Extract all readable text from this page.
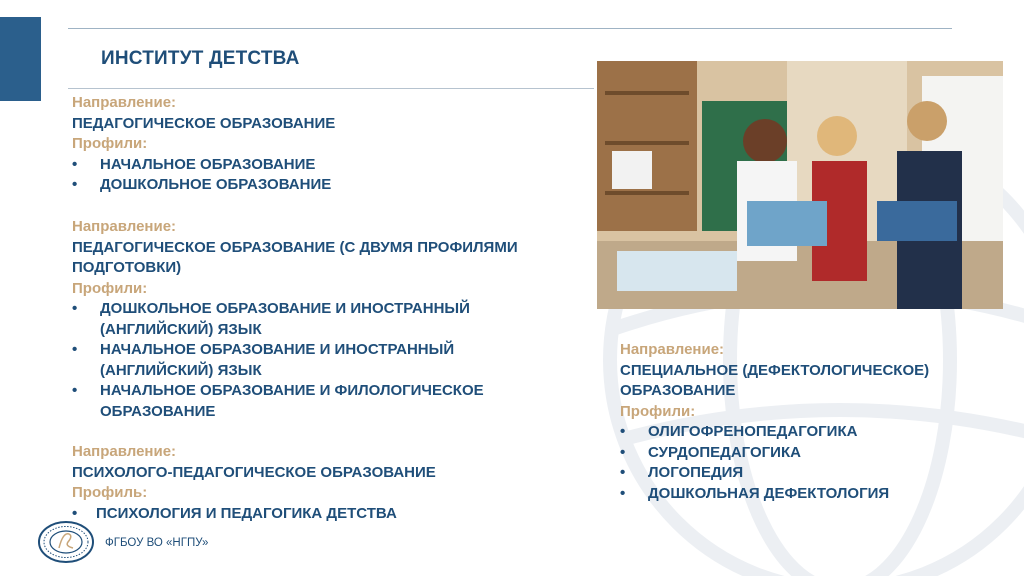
ИНСТИТУТ ДЕТСТВА
Направление:
ПЕДАГОГИЧЕСКОЕ ОБРАЗОВАНИЕ
Профили:
• НАЧАЛЬНОЕ ОБРАЗОВАНИЕ
• ДОШКОЛЬНОЕ ОБРАЗОВАНИЕ
Направление:
ПЕДАГОГИЧЕСКОЕ ОБРАЗОВАНИЕ (С ДВУМЯ ПРОФИЛЯМИ ПОДГОТОВКИ)
Профили:
• ДОШКОЛЬНОЕ ОБРАЗОВАНИЕ И ИНОСТРАННЫЙ (АНГЛИЙСКИЙ) ЯЗЫК
• НАЧАЛЬНОЕ ОБРАЗОВАНИЕ И ИНОСТРАННЫЙ (АНГЛИЙСКИЙ) ЯЗЫК
• НАЧАЛЬНОЕ ОБРАЗОВАНИЕ И ФИЛОЛОГИЧЕСКОЕ ОБРАЗОВАНИЕ
Направление:
ПСИХОЛОГО-ПЕДАГОГИЧЕСКОЕ ОБРАЗОВАНИЕ
Профиль:
• ПСИХОЛОГИЯ И ПЕДАГОГИКА ДЕТСТВА
Направление:
СПЕЦИАЛЬНОЕ (ДЕФЕКТОЛОГИЧЕСКОЕ) ОБРАЗОВАНИЕ
Профили:
• ОЛИГОФРЕНОПЕДАГОГИКА
• СУРДОПЕДАГОГИКА
• ЛОГОПЕДИЯ
• ДОШКОЛЬНАЯ ДЕФЕКТОЛОГИЯ
ФГБОУ ВО «НГПУ»
